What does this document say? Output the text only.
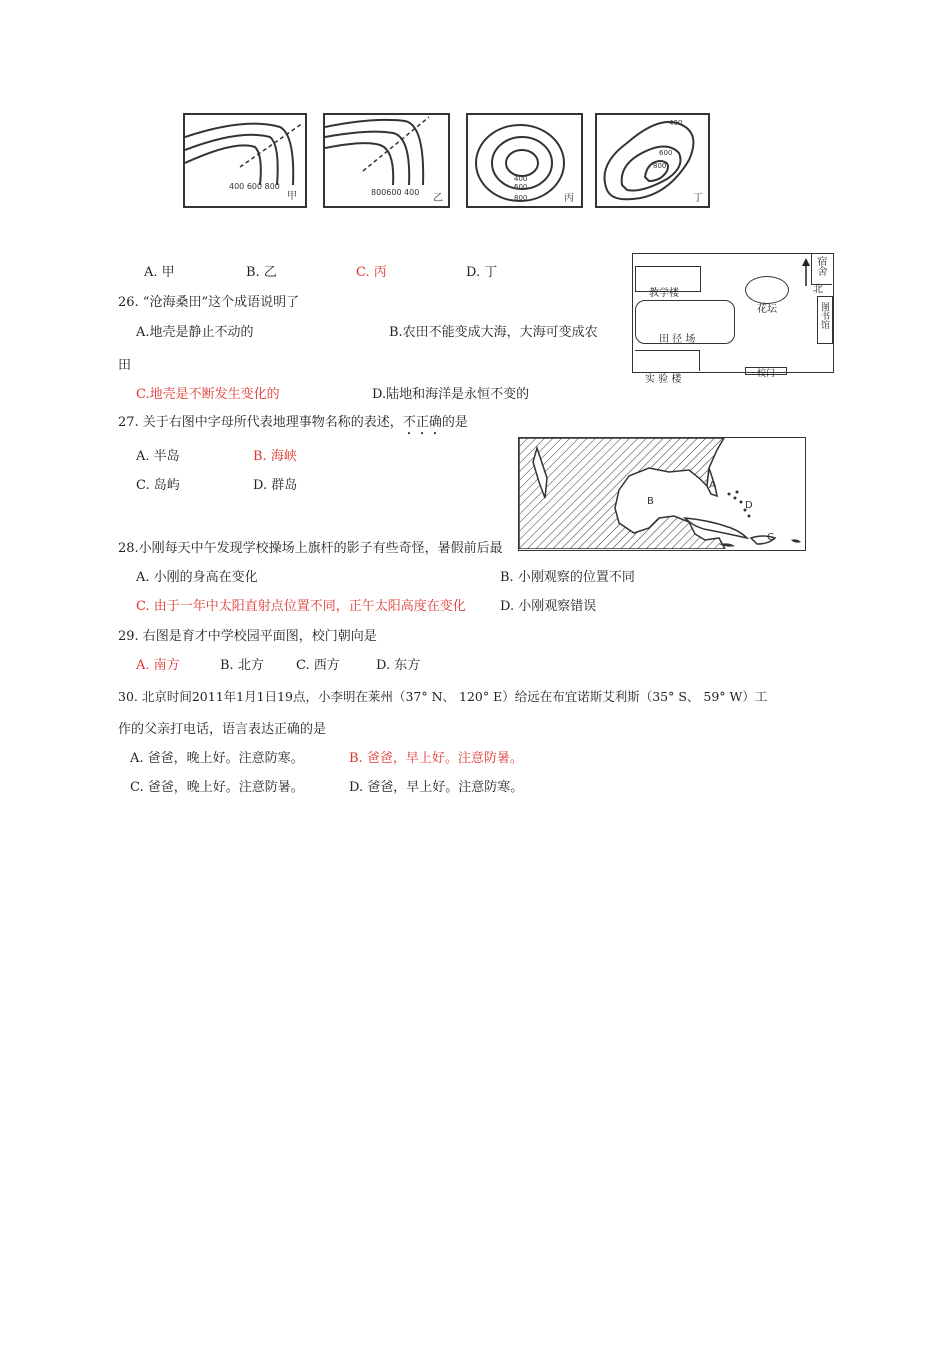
400 600 800
甲	800600 400
乙
400
600
800	丙
400
600
800
丁
A. 甲	B. 乙	C. 丙	D. 丁
教学楼
花坛
北
宿舍
田 径 场
图书馆
实 验 楼	校门
26. “沧海桑田”这个成语说明了
A.地壳是静止不动的	B.农田不能变成大海，大海可变成农
田
C.地壳是不断发生变化的	D.陆地和海洋是永恒不变的
27. 关于右图中字母所代表地理事物名称的表述，不正确的是
A. 半岛	B. 海峡
C. 岛屿	D. 群岛	A
B
C
D
28.小刚每天中午发现学校操场上旗杆的影子有些奇怪，暑假前后最
A. 小刚的身高在变化	B. 小刚观察的位置不同
C. 由于一年中太阳直射点位置不同，正午太阳高度在变化	D. 小刚观察错误
29. 右图是育才中学校园平面图，校门朝向是
A. 南方	B. 北方 C. 西方	D. 东方
30. 北京时间2011年1月1日19点，小李明在莱州（37° N、 120° E）给远在布宜诺斯艾利斯（35° S、 59° W）工
作的父亲打电话，语言表达正确的是
A. 爸爸，晚上好。注意防寒。	B. 爸爸，早上好。注意防暑。
C. 爸爸，晚上好。注意防暑。	D. 爸爸，早上好。注意防寒。
